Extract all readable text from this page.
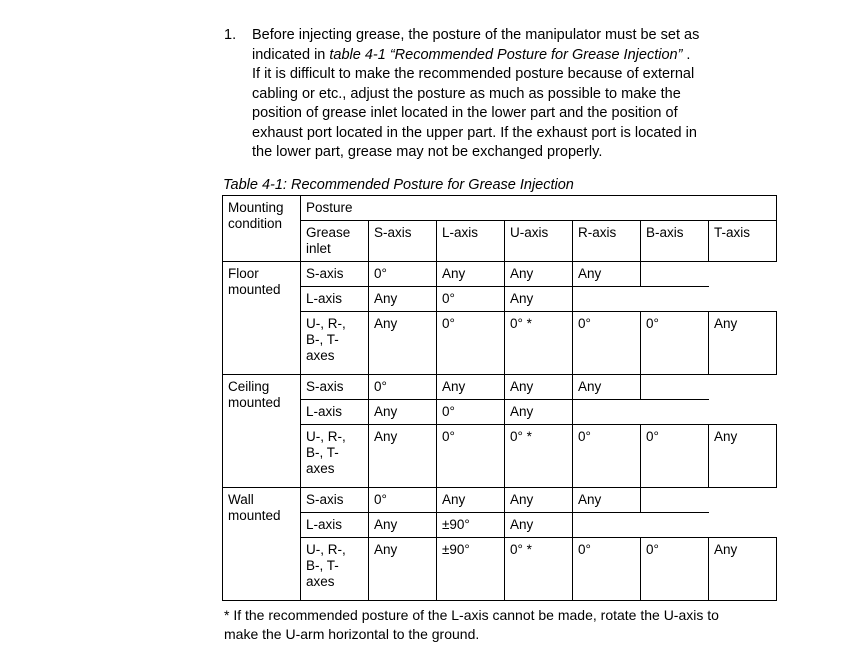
1.	Before injecting grease, the posture of the manipulator must be set as
indicated in table 4-1 “Recommended Posture for Grease Injection” .
If it is difficult to make the recommended posture because of external
cabling or etc., adjust the posture as much as possible to make the
position of grease inlet located in the lower part and the position of
exhaust port located in the upper part. If the exhaust port is located in
the lower part, grease may not be exchanged properly.
Table 4-1: Recommended Posture for Grease Injection
Mounting
condition	Posture						
	Grease
inlet	S-axis	L-axis	U-axis	R-axis	B-axis	T-axis
Floor
mounted	S-axis	0°	Any	Any	Any		
	L-axis	Any	0°	Any			
	U-, R-,
B-, T-
axes	Any	0°	0° *	0°	0°	Any
Ceiling
mounted	S-axis	0°	Any	Any	Any		
	L-axis	Any	0°	Any			
	U-, R-,
B-, T-
axes	Any	0°	0° *	0°	0°	Any
Wall
mounted	S-axis	0°	Any	Any	Any		
	L-axis	Any	±90°	Any			
	U-, R-,
B-, T-
axes	Any	±90°	0° *	0°	0°	Any
* If the recommended posture of the L-axis cannot be made, rotate the U-axis to
make the U-arm horizontal to the ground.
